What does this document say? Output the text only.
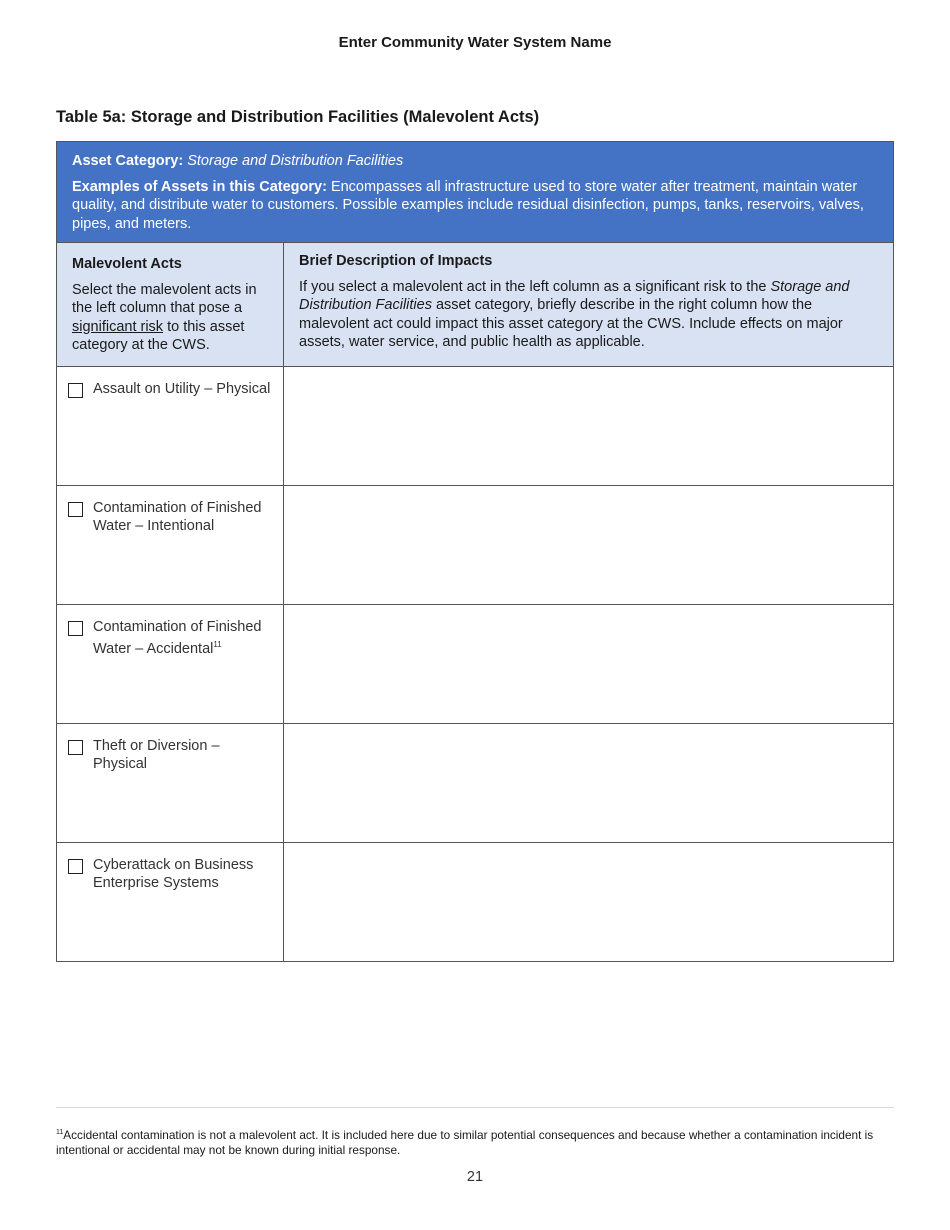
Enter Community Water System Name
Table 5a: Storage and Distribution Facilities (Malevolent Acts)
Asset Category: Storage and Distribution Facilities
Examples of Assets in this Category: Encompasses all infrastructure used to store water after treatment, maintain water quality, and distribute water to customers. Possible examples include residual disinfection, pumps, tanks, reservoirs, valves, pipes, and meters.
Malevolent Acts
Select the malevolent acts in the left column that pose a significant risk to this asset category at the CWS.
Brief Description of Impacts
If you select a malevolent act in the left column as a significant risk to the Storage and Distribution Facilities asset category, briefly describe in the right column how the malevolent act could impact this asset category at the CWS. Include effects on major assets, water service, and public health as applicable.
Assault on Utility – Physical
Contamination of Finished Water – Intentional
Contamination of Finished Water – Accidental$^{11}$
Theft or Diversion – Physical
Cyberattack on Business Enterprise Systems
$^{11}$Accidental contamination is not a malevolent act. It is included here due to similar potential consequences and because whether a contamination incident is intentional or accidental may not be known during initial response.
21
